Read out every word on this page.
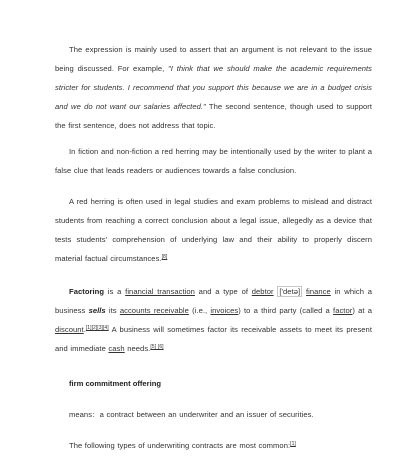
The expression is mainly used to assert that an argument is not relevant to the issue being discussed. For example, "I think that we should make the academic requirements stricter for students. I recommend that you support this because we are in a budget crisis and we do not want our salaries affected." The second sentence, though used to support the first sentence, does not address that topic.

In fiction and non-fiction a red herring may be intentionally used by the writer to plant a false clue that leads readers or audiences towards a false conclusion.

A red herring is often used in legal studies and exam problems to mislead and distract students from reaching a correct conclusion about a legal issue, allegedly as a device that tests students' comprehension of underlying law and their ability to properly discern material factual circumstances.[8]

Factoring is a financial transaction and a type of debtor ['detə] finance in which a business sells its accounts receivable (i.e., invoices) to a third party (called a factor) at a discount.[1][2][3][4] A business will sometimes factor its receivable assets to meet its present and immediate cash needs.[5] [6]

firm commitment offering

means：a contract between an underwriter and an issuer of securities.

The following types of underwriting contracts are most common:[1]
